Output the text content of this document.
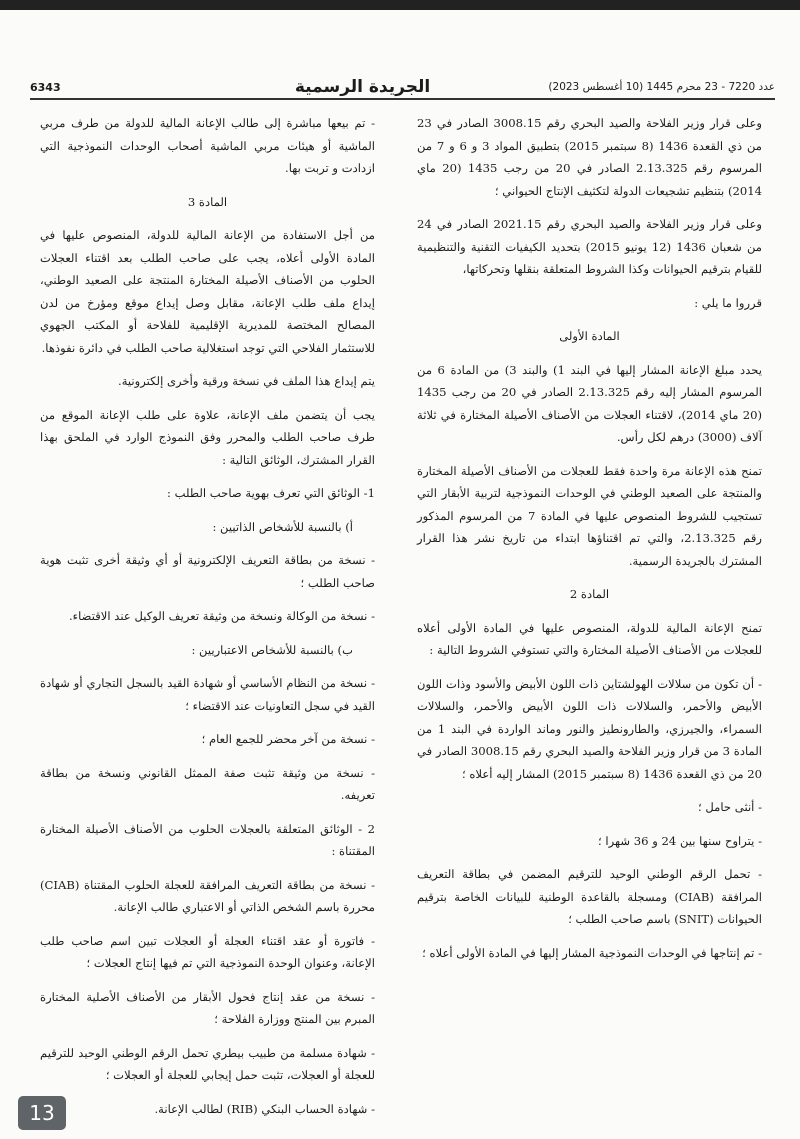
عدد 7220 - 23 محرم 1445 (10 أغسطس 2023)
الجريدة الرسمية
6343

وعلى قرار وزير الفلاحة والصيد البحري رقم 3008.15 الصادر في 23 من ذي القعدة 1436 (8 سبتمبر 2015) بتطبيق المواد 3 و 6 و 7 من المرسوم رقم 2.13.325 الصادر في 20 من رجب 1435 (20 ماي 2014) بتنظيم تشجيعات الدولة لتكثيف الإنتاج الحيواني ؛

وعلى قرار وزير الفلاحة والصيد البحري رقم 2021.15 الصادر في 24 من شعبان 1436 (12 يونيو 2015) بتحديد الكيفيات التقنية والتنظيمية للقيام بترقيم الحيوانات وكذا الشروط المتعلقة بنقلها وتحركاتها،

قرروا ما يلي :

المادة الأولى

يحدد مبلغ الإعانة المشار إليها في البند 1) والبند 3) من المادة 6 من المرسوم المشار إليه رقم 2.13.325 الصادر في 20 من رجب 1435 (20 ماي 2014)، لاقتناء العجلات من الأصناف الأصيلة المختارة في ثلاثة آلاف (3000) درهم لكل رأس.

تمنح هذه الإعانة مرة واحدة فقط للعجلات من الأصناف الأصيلة المختارة والمنتجة على الصعيد الوطني في الوحدات النموذجية لتربية الأبقار التي تستجيب للشروط المنصوص عليها في المادة 7 من المرسوم المذكور رقم 2.13.325، والتي تم اقتناؤها ابتداء من تاريخ نشر هذا القرار المشترك بالجريدة الرسمية.

المادة 2

تمنح الإعانة المالية للدولة، المنصوص عليها في المادة الأولى أعلاه للعجلات من الأصناف الأصيلة المختارة والتي تستوفي الشروط التالية :

- أن تكون من سلالات الهولشتاين ذات اللون الأبيض والأسود وذات اللون الأبيض والأحمر، والسلالات ذات اللون الأبيض والأحمر، والسلالات السمراء، والجيرزي، والطارونطيز والنور وماند الواردة في البند 1 من المادة 3 من قرار وزير الفلاحة والصيد البحري رقم 3008.15 الصادر في 20 من ذي القعدة 1436 (8 سبتمبر 2015) المشار إليه أعلاه ؛

- أنثى حامل ؛

- يتراوح سنها بين 24 و 36 شهرا ؛

- تحمل الرقم الوطني الوحيد للترقيم المضمن في بطاقة التعريف المرافقة (CIAB) ومسجلة بالقاعدة الوطنية للبيانات الخاصة بترقيم الحيوانات (SNIT) باسم صاحب الطلب ؛

- تم إنتاجها في الوحدات النموذجية المشار إليها في المادة الأولى أعلاه ؛

- تم بيعها مباشرة إلى طالب الإعانة المالية للدولة من طرف مربي الماشية أو هيئات مربي الماشية أصحاب الوحدات النموذجية التي ازدادت و تربت بها.

المادة 3

من أجل الاستفادة من الإعانة المالية للدولة، المنصوص عليها في المادة الأولى أعلاه، يجب على صاحب الطلب بعد اقتناء العجلات الحلوب من الأصناف الأصيلة المختارة المنتجة على الصعيد الوطني، إيداع ملف طلب الإعانة، مقابل وصل إيداع موقع ومؤرخ من لدن المصالح المختصة للمديرية الإقليمية للفلاحة أو المكتب الجهوي للاستثمار الفلاحي التي توجد استغلالية صاحب الطلب في دائرة نفوذها.

يتم إيداع هذا الملف في نسخة ورقية وأخرى إلكترونية.

يجب أن يتضمن ملف الإعانة، علاوة على طلب الإعانة الموقع من طرف صاحب الطلب والمحرر وفق النموذج الوارد في الملحق بهذا القرار المشترك، الوثائق التالية :

1- الوثائق التي تعرف بهوية صاحب الطلب :

أ) بالنسبة للأشخاص الذاتيين :

- نسخة من بطاقة التعريف الإلكترونية أو أي وثيقة أخرى تثبت هوية صاحب الطلب ؛

- نسخة من الوكالة ونسخة من وثيقة تعريف الوكيل عند الاقتضاء.

ب) بالنسبة للأشخاص الاعتباريين :

- نسخة من النظام الأساسي أو شهادة القيد بالسجل التجاري أو شهادة القيد في سجل التعاونيات عند الاقتضاء ؛

- نسخة من آخر محضر للجمع العام ؛

- نسخة من وثيقة تثبت صفة الممثل القانوني ونسخة من بطاقة تعريفه.

2 - الوثائق المتعلقة بالعجلات الحلوب من الأصناف الأصيلة المختارة المقتناة :

- نسخة من بطاقة التعريف المرافقة للعجلة الحلوب المقتناة (CIAB) محررة باسم الشخص الذاتي أو الاعتباري طالب الإعانة.

- فاتورة أو عقد اقتناء العجلة أو العجلات تبين اسم صاحب طلب الإعانة، وعنوان الوحدة النموذجية التي تم فيها إنتاج العجلات ؛

- نسخة من عقد إنتاج فحول الأبقار من الأصناف الأصلية المختارة المبرم بين المنتج ووزارة الفلاحة ؛

- شهادة مسلمة من طبيب بيطري تحمل الرقم الوطني الوحيد للترقيم للعجلة أو العجلات، تثبت حمل إيجابي للعجلة أو العجلات ؛

- شهادة الحساب البنكي (RIB) لطالب الإعانة.

13
